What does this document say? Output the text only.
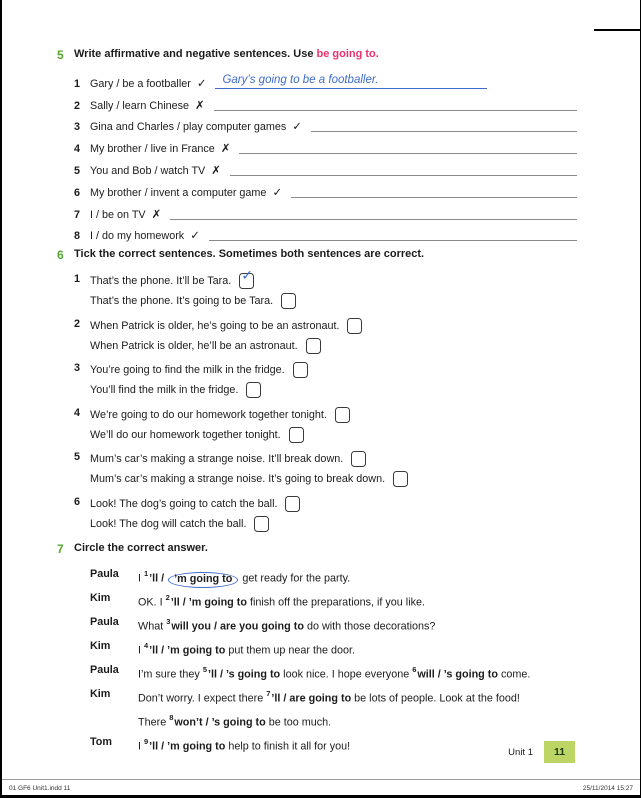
5 Write affirmative and negative sentences. Use be going to.
1 Gary / be a footballer ✓	Gary’s going to be a footballer.
2 Sally / learn Chinese ✗
3 Gina and Charles / play computer games ✓
4 My brother / live in France ✗
5 You and Bob / watch TV ✗
6 My brother / invent a computer game ✓
7 I / be on TV ✗
8 I / do my homework ✓
6 Tick the correct sentences. Sometimes both sentences are correct.
1 That’s the phone. It’ll be Tara. ✓
That’s the phone. It’s going to be Tara.
2 When Patrick is older, he’s going to be an astronaut.
When Patrick is older, he’ll be an astronaut.
3 You’re going to find the milk in the fridge.
You’ll find the milk in the fridge.
4 We’re going to do our homework together tonight.
We’ll do our homework together tonight.
5 Mum’s car’s making a strange noise. It’ll break down.
Mum’s car’s making a strange noise. It’s going to break down.
6 Look! The dog’s going to catch the ball.
Look! The dog will catch the ball.
7 Circle the correct answer.
Paula	I $^1$’ll / ’m going to get ready for the party.
Kim	OK. I $^2$’ll / ’m going to finish off the preparations, if you like.
Paula	What $^3$will you / are you going to do with those decorations?
Kim	I $^4$’ll / ’m going to put them up near the door.
Paula	I’m sure they $^5$’ll / ’s going to look nice. I hope everyone $^6$will / ’s going to come.
Kim	Don’t worry. I expect there $^7$’ll / are going to be lots of people. Look at the food!
There $^8$won’t / ’s going to be too much.
Tom	I $^9$’ll / ’m going to help to finish it all for you!	Unit 1	11
01 GF6 Unit1.indd 11	25/11/2014 15:27
